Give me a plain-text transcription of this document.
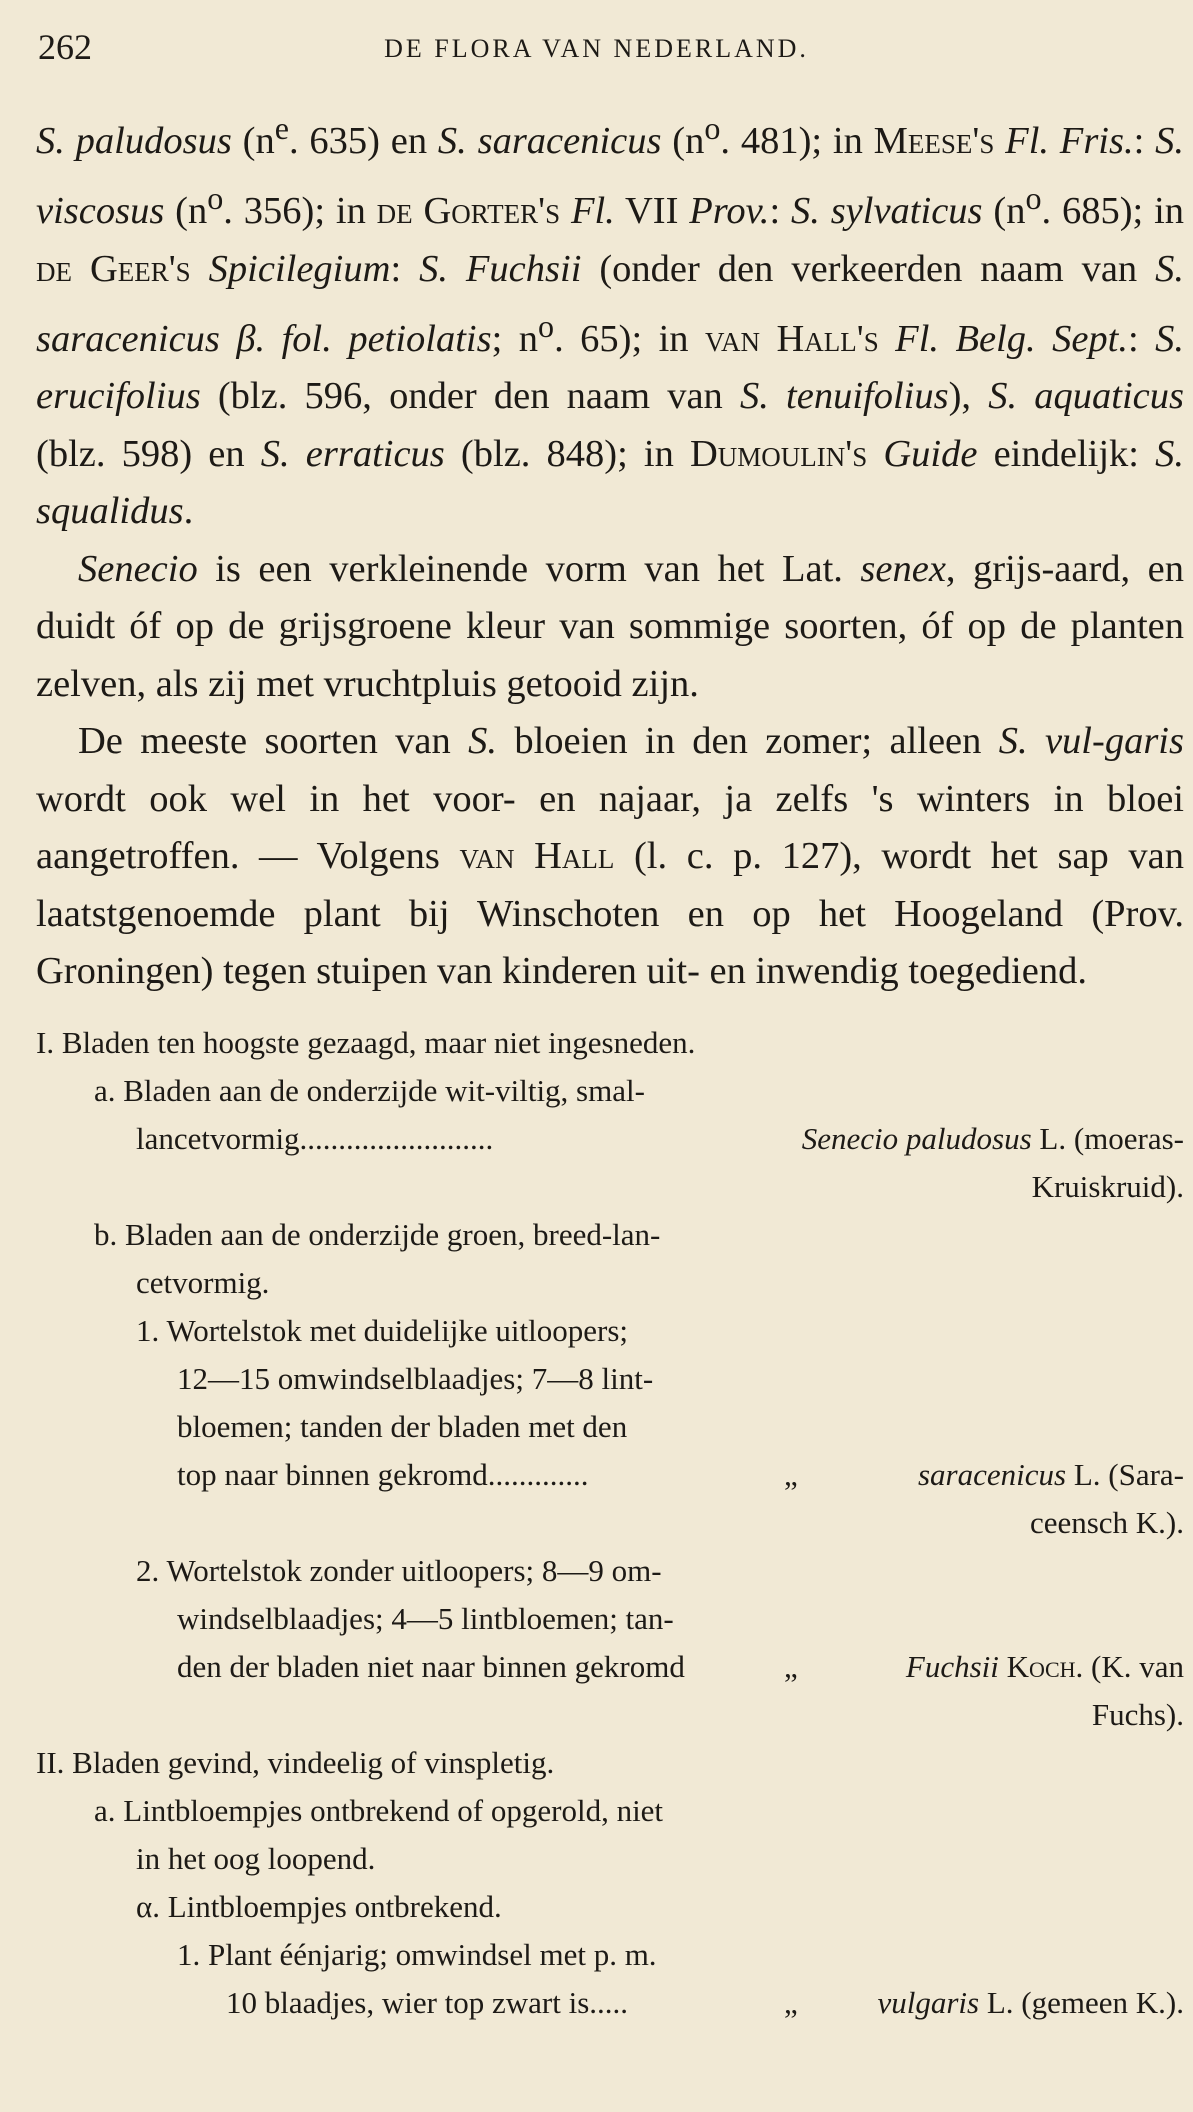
262	DE FLORA VAN NEDERLAND.

S. paludosus ($n^e$. 635) en S. saracenicus ($n^o$. 481); in Meese's Fl. Fris.: S. viscosus ($n^o$. 356); in de Gorter's Fl. VII Prov.: S. sylvaticus ($n^o$. 685); in de Geer's Spicilegium: S. Fuchsii (onder den verkeerden naam van S. saracenicus β. fol. petiolatis; $n^o$. 65); in van Hall's Fl. Belg. Sept.: S. erucifolius (blz. 596, onder den naam van S. tenuifolius), S. aquaticus (blz. 598) en S. erraticus (blz. 848); in Dumoulin's Guide eindelijk: S. squalidus.

Senecio is een verkleinende vorm van het Lat. senex, grijs-aard, en duidt óf op de grijsgroene kleur van sommige soorten, óf op de planten zelven, als zij met vruchtpluis getooid zijn.

De meeste soorten van S. bloeien in den zomer; alleen S. vul-garis wordt ook wel in het voor- en najaar, ja zelfs 's winters in bloei aangetroffen. — Volgens van Hall (l. c. p. 127), wordt het sap van laatstgenoemde plant bij Winschoten en op het Hoogeland (Prov. Groningen) tegen stuipen van kinderen uit- en inwendig toegediend.

I. Bladen ten hoogste gezaagd, maar niet ingesneden.
a. Bladen aan de onderzijde wit-viltig, smal-
lancetvormig.........................	Senecio paludosus L. (moeras-
Kruiskruid).
b. Bladen aan de onderzijde groen, breed-lan-
cetvormig.
1. Wortelstok met duidelijke uitloopers;
12—15 omwindselblaadjes; 7—8 lint-
bloemen; tanden der bladen met den
top naar binnen gekromd.............	„	saracenicus L. (Sara-
ceensch K.).
2. Wortelstok zonder uitloopers; 8—9 om-
windselblaadjes; 4—5 lintbloemen; tan-
den der bladen niet naar binnen gekromd	„	Fuchsii Koch. (K. van
Fuchs).
II. Bladen gevind, vindeelig of vinspletig.
a. Lintbloempjes ontbrekend of opgerold, niet
in het oog loopend.
α. Lintbloempjes ontbrekend.
1. Plant éénjarig; omwindsel met p. m.
10 blaadjes, wier top zwart is.....	„	vulgaris L. (gemeen K.).
